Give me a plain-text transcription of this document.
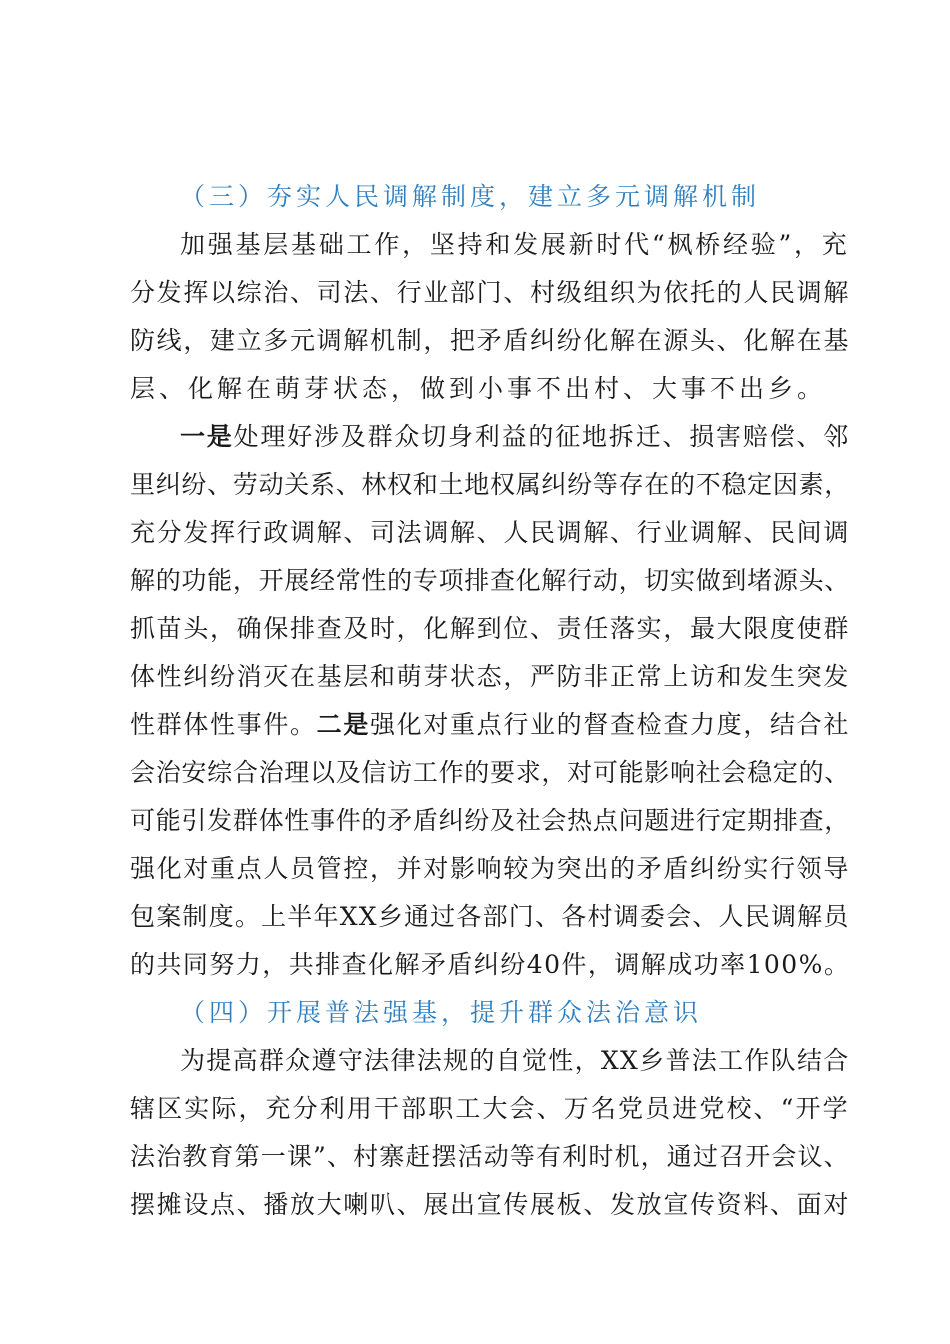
（三）夯实人民调解制度，建立多元调解机制
加强基层基础工作，坚持和发展新时代“枫桥经验”，充
分发挥以综治、司法、行业部门、村级组织为依托的人民调解
防线，建立多元调解机制，把矛盾纠纷化解在源头、化解在基
层、化解在萌芽状态，做到小事不出村、大事不出乡。
一是处理好涉及群众切身利益的征地拆迁、损害赔偿、邻
里纠纷、劳动关系、林权和土地权属纠纷等存在的不稳定因素，
充分发挥行政调解、司法调解、人民调解、行业调解、民间调
解的功能，开展经常性的专项排查化解行动，切实做到堵源头、
抓苗头，确保排查及时，化解到位、责任落实，最大限度使群
体性纠纷消灭在基层和萌芽状态，严防非正常上访和发生突发
性群体性事件。二是强化对重点行业的督查检查力度，结合社
会治安综合治理以及信访工作的要求，对可能影响社会稳定的、
可能引发群体性事件的矛盾纠纷及社会热点问题进行定期排查，
强化对重点人员管控，并对影响较为突出的矛盾纠纷实行领导
包案制度。上半年XX乡通过各部门、各村调委会、人民调解员
的共同努力，共排查化解矛盾纠纷40件，调解成功率100%。
（四）开展普法强基，提升群众法治意识
为提高群众遵守法律法规的自觉性，XX乡普法工作队结合
辖区实际，充分利用干部职工大会、万名党员进党校、“开学
法治教育第一课”、村寨赶摆活动等有利时机，通过召开会议、
摆摊设点、播放大喇叭、展出宣传展板、发放宣传资料、面对
